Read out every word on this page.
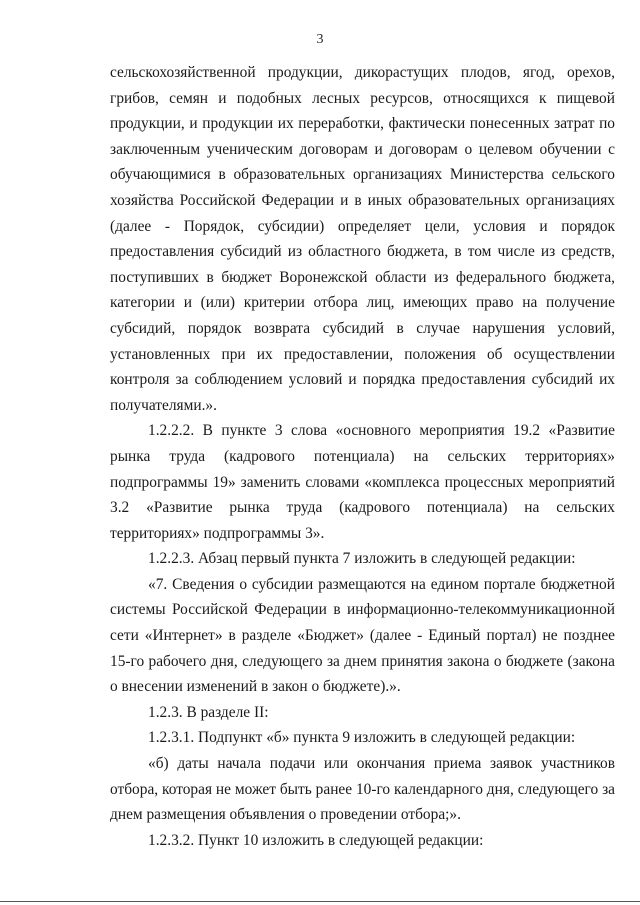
3

сельскохозяйственной продукции, дикорастущих плодов, ягод, орехов, грибов, семян и подобных лесных ресурсов, относящихся к пищевой продукции, и продукции их переработки, фактически понесенных затрат по заключенным ученическим договорам и договорам о целевом обучении с обучающимися в образовательных организациях Министерства сельского хозяйства Российской Федерации и в иных образовательных организациях (далее - Порядок, субсидии) определяет цели, условия и порядок предоставления субсидий из областного бюджета, в том числе из средств, поступивших в бюджет Воронежской области из федерального бюджета, категории и (или) критерии отбора лиц, имеющих право на получение субсидий, порядок возврата субсидий в случае нарушения условий, установленных при их предоставлении, положения об осуществлении контроля за соблюдением условий и порядка предоставления субсидий их получателями.».

1.2.2.2. В пункте 3 слова «основного мероприятия 19.2 «Развитие рынка труда (кадрового потенциала) на сельских территориях» подпрограммы 19» заменить словами «комплекса процессных мероприятий 3.2 «Развитие рынка труда (кадрового потенциала) на сельских территориях» подпрограммы 3».

1.2.2.3. Абзац первый пункта 7 изложить в следующей редакции:

«7. Сведения о субсидии размещаются на едином портале бюджетной системы Российской Федерации в информационно-телекоммуникационной сети «Интернет» в разделе «Бюджет» (далее - Единый портал) не позднее 15-го рабочего дня, следующего за днем принятия закона о бюджете (закона о внесении изменений в закон о бюджете).».

1.2.3. В разделе II:

1.2.3.1. Подпункт «б» пункта 9 изложить в следующей редакции:

«б) даты начала подачи или окончания приема заявок участников отбора, которая не может быть ранее 10-го календарного дня, следующего за днем размещения объявления о проведении отбора;».

1.2.3.2. Пункт 10 изложить в следующей редакции:
